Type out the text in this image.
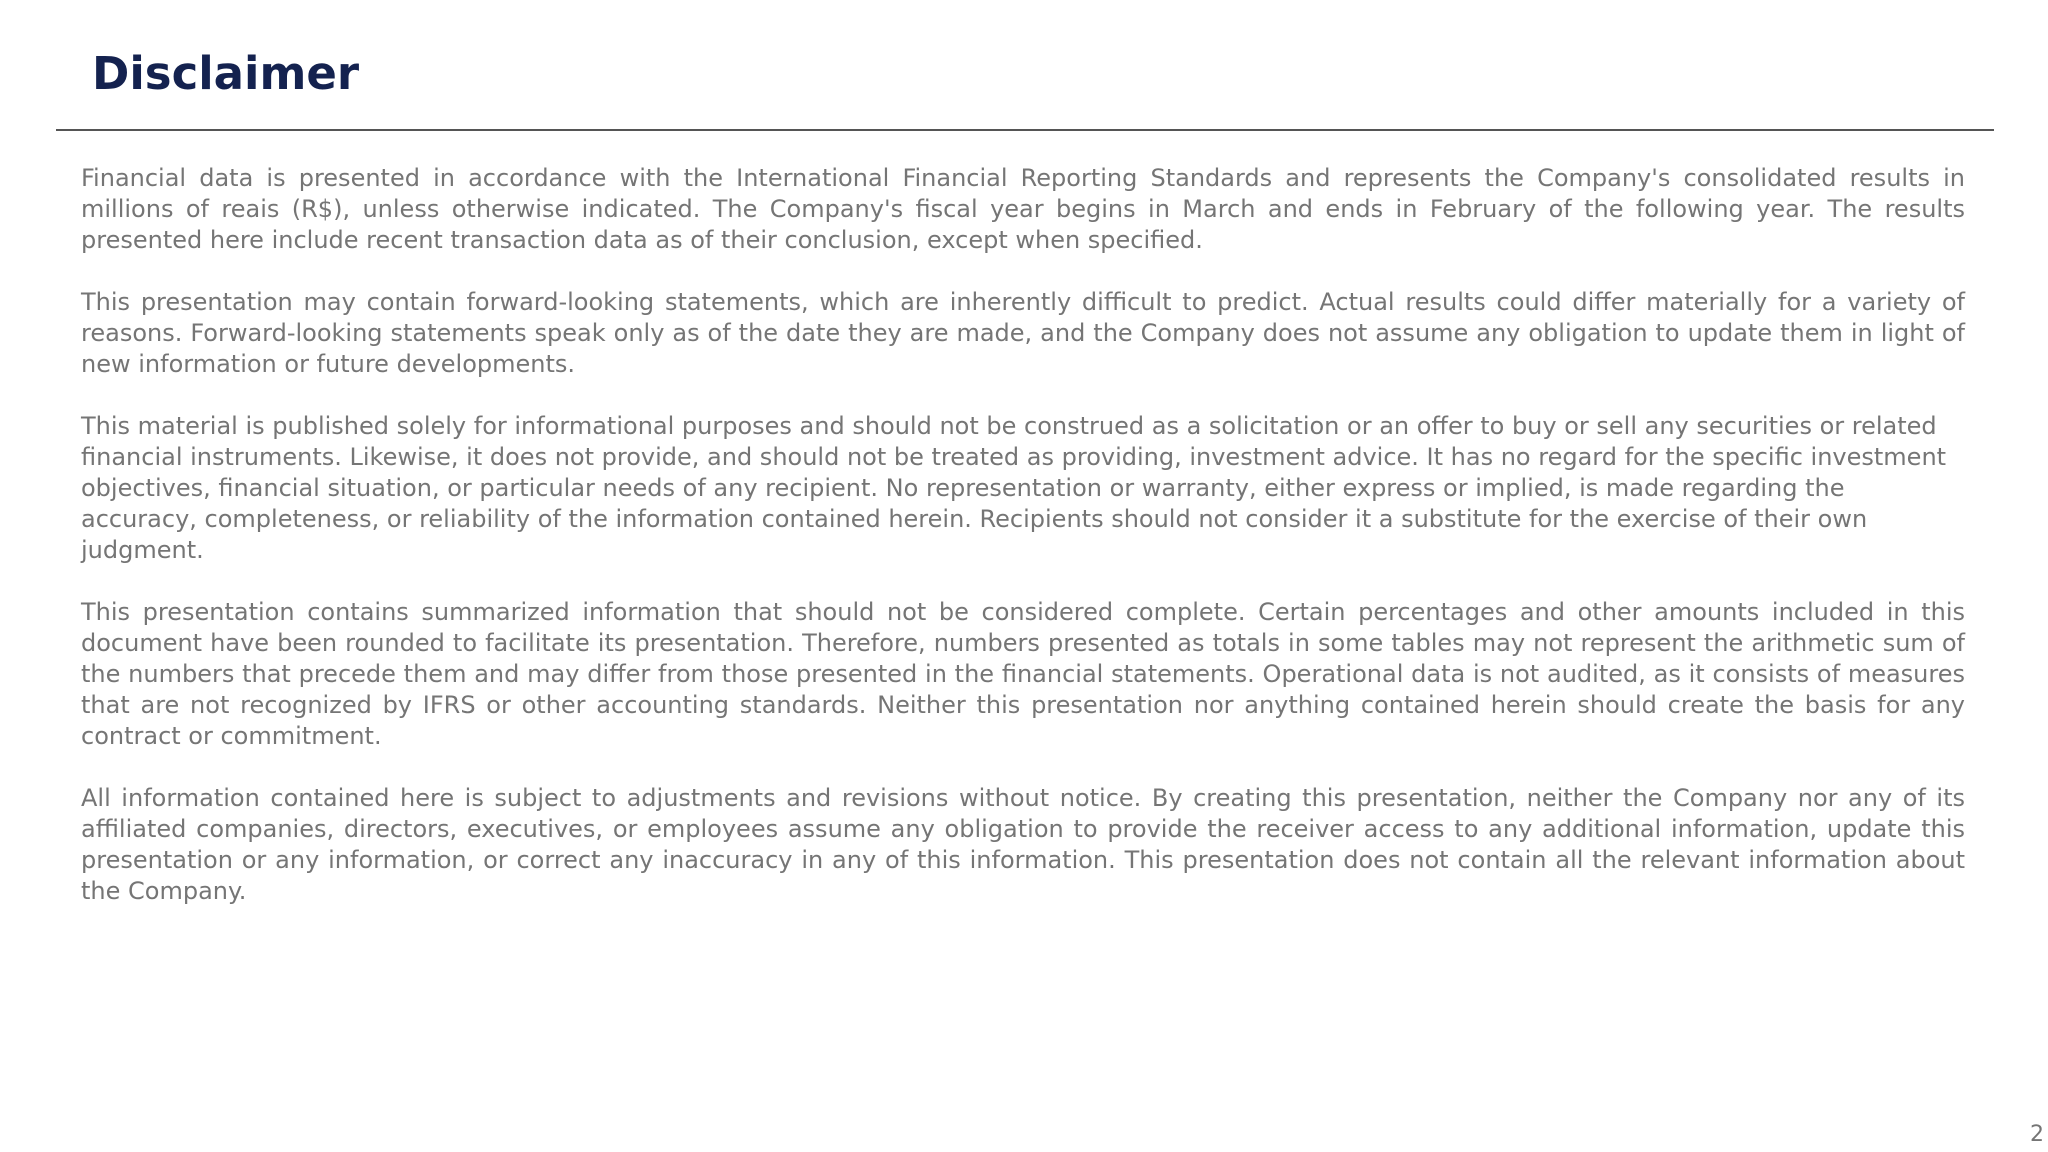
Disclaimer

Financial data is presented in accordance with the International Financial Reporting Standards and represents the Company's consolidated results in millions of reais (R$), unless otherwise indicated. The Company's fiscal year begins in March and ends in February of the following year. The results presented here include recent transaction data as of their conclusion, except when specified.

This presentation may contain forward-looking statements, which are inherently difficult to predict. Actual results could differ materially for a variety of reasons. Forward-looking statements speak only as of the date they are made, and the Company does not assume any obligation to update them in light of new information or future developments.

This material is published solely for informational purposes and should not be construed as a solicitation or an offer to buy or sell any securities or related financial instruments. Likewise, it does not provide, and should not be treated as providing, investment advice. It has no regard for the specific investment objectives, financial situation, or particular needs of any recipient. No representation or warranty, either express or implied, is made regarding the accuracy, completeness, or reliability of the information contained herein. Recipients should not consider it a substitute for the exercise of their own judgment.

This presentation contains summarized information that should not be considered complete. Certain percentages and other amounts included in this document have been rounded to facilitate its presentation. Therefore, numbers presented as totals in some tables may not represent the arithmetic sum of the numbers that precede them and may differ from those presented in the financial statements. Operational data is not audited, as it consists of measures that are not recognized by IFRS or other accounting standards. Neither this presentation nor anything contained herein should create the basis for any contract or commitment.

All information contained here is subject to adjustments and revisions without notice. By creating this presentation, neither the Company nor any of its affiliated companies, directors, executives, or employees assume any obligation to provide the receiver access to any additional information, update this presentation or any information, or correct any inaccuracy in any of this information. This presentation does not contain all the relevant information about the Company.

2
